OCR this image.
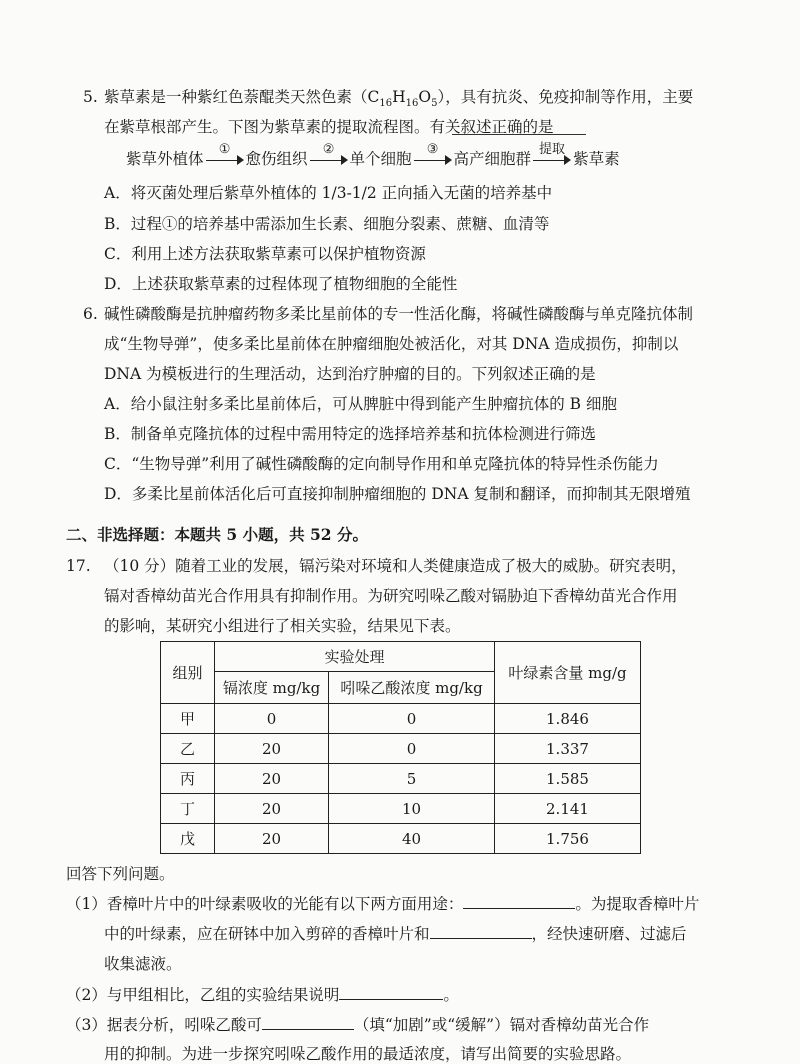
5. 紫草素是一种紫红色萘醌类天然色素$(C_{16}H_{16}O_5)$，具有抗炎、免疫抑制等作用，主要
在紫草根部产生。下图为紫草素的提取流程图。有关叙述正确的是
紫草外植体
①
愈伤组织
②
单个细胞
③
高产细胞群
提取
紫草素
A．将灭菌处理后紫草外植体的 1/3-1/2 正向插入无菌的培养基中
B．过程①的培养基中需添加生长素、细胞分裂素、蔗糖、血清等
C．利用上述方法获取紫草素可以保护植物资源
D．上述获取紫草素的过程体现了植物细胞的全能性
6. 碱性磷酸酶是抗肿瘤药物多柔比星前体的专一性活化酶，将碱性磷酸酶与单克隆抗体制
成“生物导弹”，使多柔比星前体在肿瘤细胞处被活化，对其 DNA 造成损伤，抑制以
DNA 为模板进行的生理活动，达到治疗肿瘤的目的。下列叙述正确的是
A．给小鼠注射多柔比星前体后，可从脾脏中得到能产生肿瘤抗体的 B 细胞
B．制备单克隆抗体的过程中需用特定的选择培养基和抗体检测进行筛选
C．“生物导弹”利用了碱性磷酸酶的定向制导作用和单克隆抗体的特异性杀伤能力
D．多柔比星前体活化后可直接抑制肿瘤细胞的 DNA 复制和翻译，而抑制其无限增殖
二、非选择题：本题共 5 小题，共 52 分。
17. （10 分）随着工业的发展，镉污染对环境和人类健康造成了极大的威胁。研究表明，
镉对香樟幼苗光合作用具有抑制作用。为研究吲哚乙酸对镉胁迫下香樟幼苗光合作用
的影响，某研究小组进行了相关实验，结果见下表。
组别	实验处理		叶绿素含量 mg/g
	镉浓度 mg/kg	吲哚乙酸浓度 mg/kg	
甲	0	0	1.846
乙	20	0	1.337
丙	20	5	1.585
丁	20	10	2.141
戊	20	40	1.756
回答下列问题。
（1）香樟叶片中的叶绿素吸收的光能有以下两方面用途：	。为提取香樟叶片
中的叶绿素，应在研钵中加入剪碎的香樟叶片和	，经快速研磨、过滤后
收集滤液。
（2）与甲组相比，乙组的实验结果说明	。
（3）据表分析，吲哚乙酸可	（填“加剧”或“缓解”）镉对香樟幼苗光合作
用的抑制。为进一步探究吲哚乙酸作用的最适浓度，请写出简要的实验思路。
